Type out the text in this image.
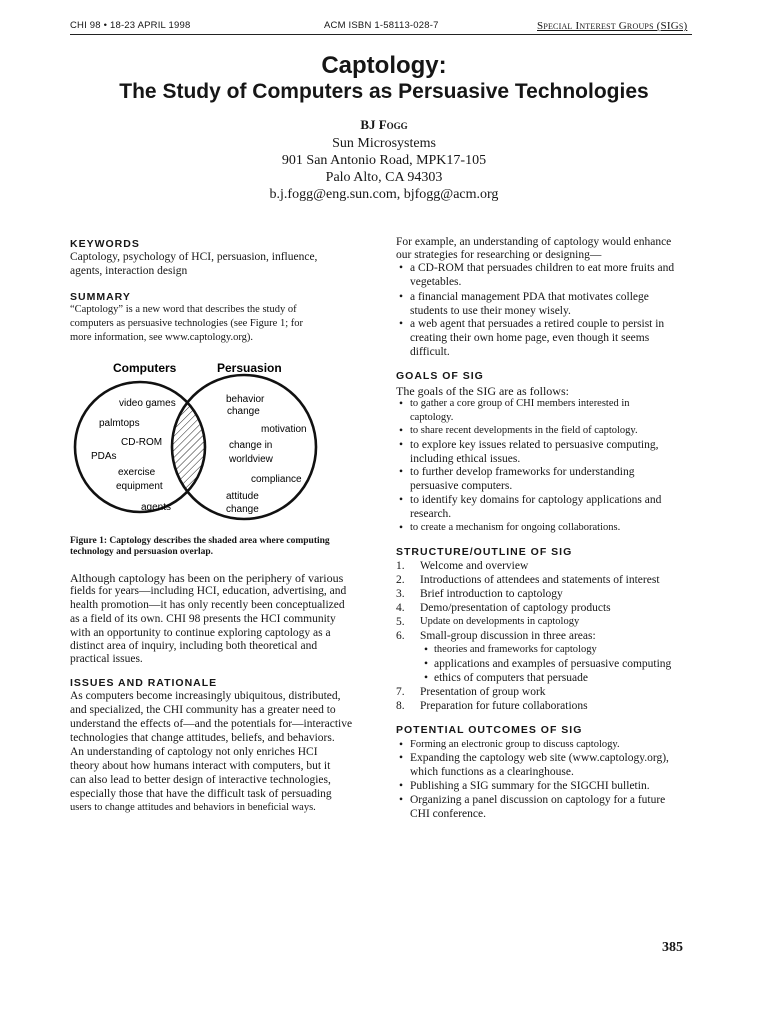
CHI 98 • 18-23 APRIL 1998	ACM ISBN 1-58113-028-7	Special Interest Groups (SIGs)
Captology:
The Study of Computers as Persuasive Technologies
BJ Fogg
Sun Microsystems
901 San Antonio Road, MPK17-105
Palo Alto, CA 94303
b.j.fogg@eng.sun.com, bjfogg@acm.org
KEYWORDS
Captology, psychology of HCI, persuasion, influence,
agents, interaction design
SUMMARY
“Captology” is a new word that describes the study of
computers as persuasive technologies (see Figure 1; for
more information, see www.captology.org).
Computers	Persuasion
video games
palmtops
CD-ROM
PDAs
exercise
equipment
agents
behavior
change
motivation
change in
worldview
compliance
attitude
change
Figure 1: Captology describes the shaded area where computing
technology and persuasion overlap.
Although captology has been on the periphery of various
fields for years—including HCI, education, advertising, and
health promotion—it has only recently been conceptualized
as a field of its own. CHI 98 presents the HCI community
with an opportunity to continue exploring captology as a
distinct area of inquiry, including both theoretical and
practical issues.
ISSUES AND RATIONALE
As computers become increasingly ubiquitous, distributed,
and specialized, the CHI community has a greater need to
understand the effects of—and the potentials for—interactive
technologies that change attitudes, beliefs, and behaviors.
An understanding of captology not only enriches HCI
theory about how humans interact with computers, but it
can also lead to better design of interactive technologies,
especially those that have the difficult task of persuading
users to change attitudes and behaviors in beneficial ways.
For example, an understanding of captology would enhance
our strategies for researching or designing—
• a CD-ROM that persuades children to eat more fruits and
vegetables.
• a financial management PDA that motivates college
students to use their money wisely.
• a web agent that persuades a retired couple to persist in
creating their own home page, even though it seems
difficult.
GOALS OF SIG
The goals of the SIG are as follows:
• to gather a core group of CHI members interested in
captology.
• to share recent developments in the field of captology.
• to explore key issues related to persuasive computing,
including ethical issues.
• to further develop frameworks for understanding
persuasive computers.
• to identify key domains for captology applications and
research.
• to create a mechanism for ongoing collaborations.
STRUCTURE/OUTLINE OF SIG
1. Welcome and overview
2. Introductions of attendees and statements of interest
3. Brief introduction to captology
4. Demo/presentation of captology products
5. Update on developments in captology
6. Small-group discussion in three areas:
• theories and frameworks for captology
• applications and examples of persuasive computing
• ethics of computers that persuade
7. Presentation of group work
8. Preparation for future collaborations
POTENTIAL OUTCOMES OF SIG
• Forming an electronic group to discuss captology.
• Expanding the captology web site (www.captology.org),
which functions as a clearinghouse.
• Publishing a SIG summary for the SIGCHI bulletin.
• Organizing a panel discussion on captology for a future
CHI conference.
385
